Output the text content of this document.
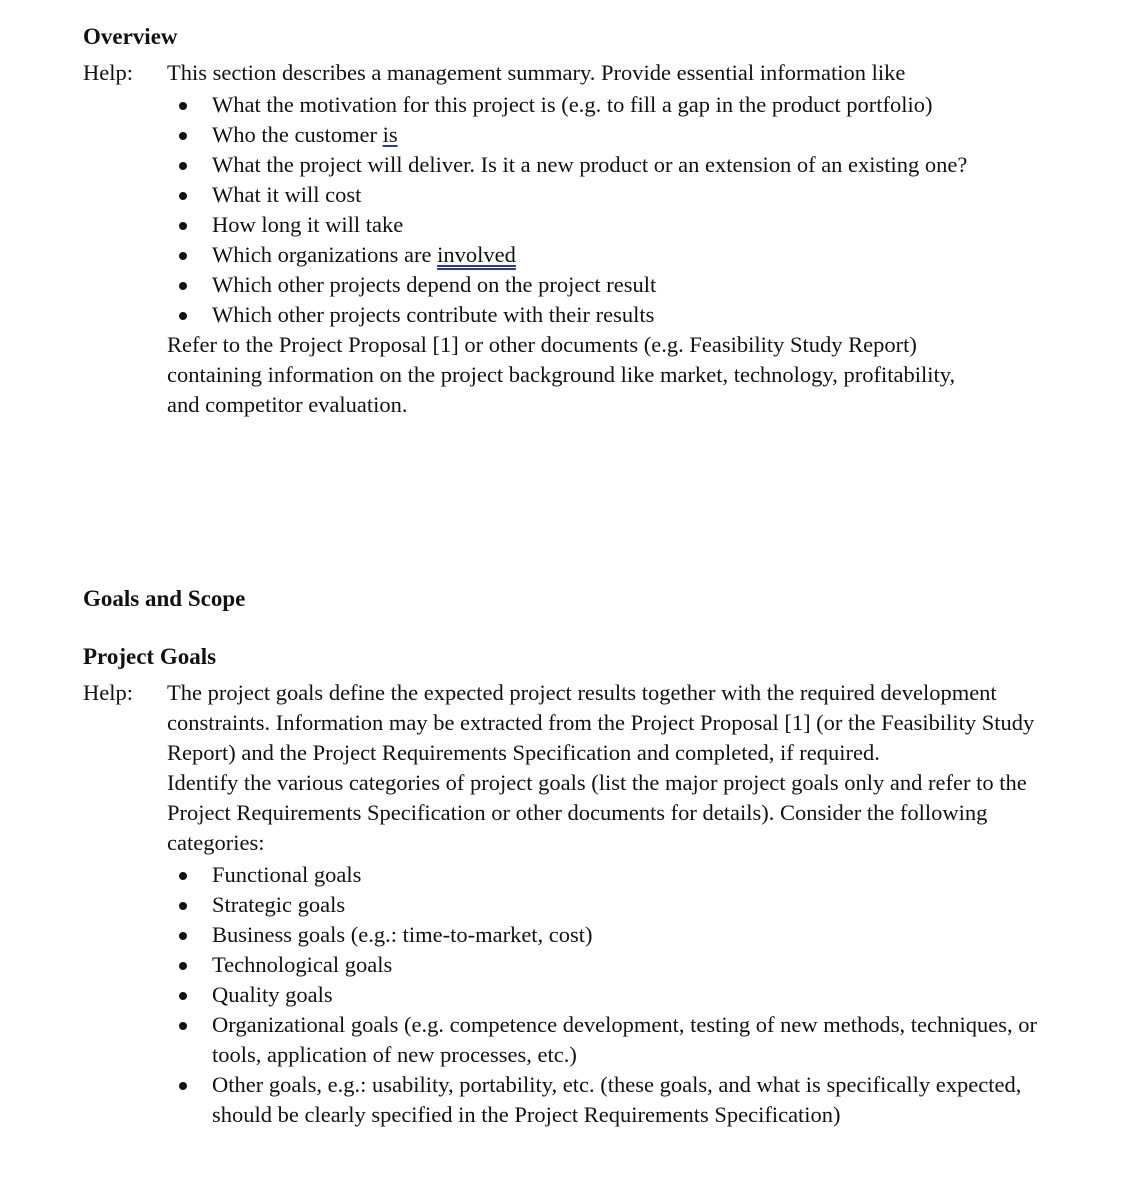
Overview

Help: This section describes a management summary. Provide essential information like

What the motivation for this project is (e.g. to fill a gap in the product portfolio)
Who the customer is
What the project will deliver. Is it a new product or an extension of an existing one?
What it will cost
How long it will take
Which organizations are involved
Which other projects depend on the project result
Which other projects contribute with their results

Refer to the Project Proposal [1] or other documents (e.g. Feasibility Study Report) containing information on the project background like market, technology, profitability, and competitor evaluation.

Goals and Scope
Project Goals

Help: The project goals define the expected project results together with the required development constraints. Information may be extracted from the Project Proposal [1] (or the Feasibility Study Report) and the Project Requirements Specification and completed, if required.

Identify the various categories of project goals (list the major project goals only and refer to the Project Requirements Specification or other documents for details). Consider the following categories:

Functional goals
Strategic goals
Business goals (e.g.: time-to-market, cost)
Technological goals
Quality goals
Organizational goals (e.g. competence development, testing of new methods, techniques, or tools, application of new processes, etc.)
Other goals, e.g.: usability, portability, etc. (these goals, and what is specifically expected, should be clearly specified in the Project Requirements Specification)
